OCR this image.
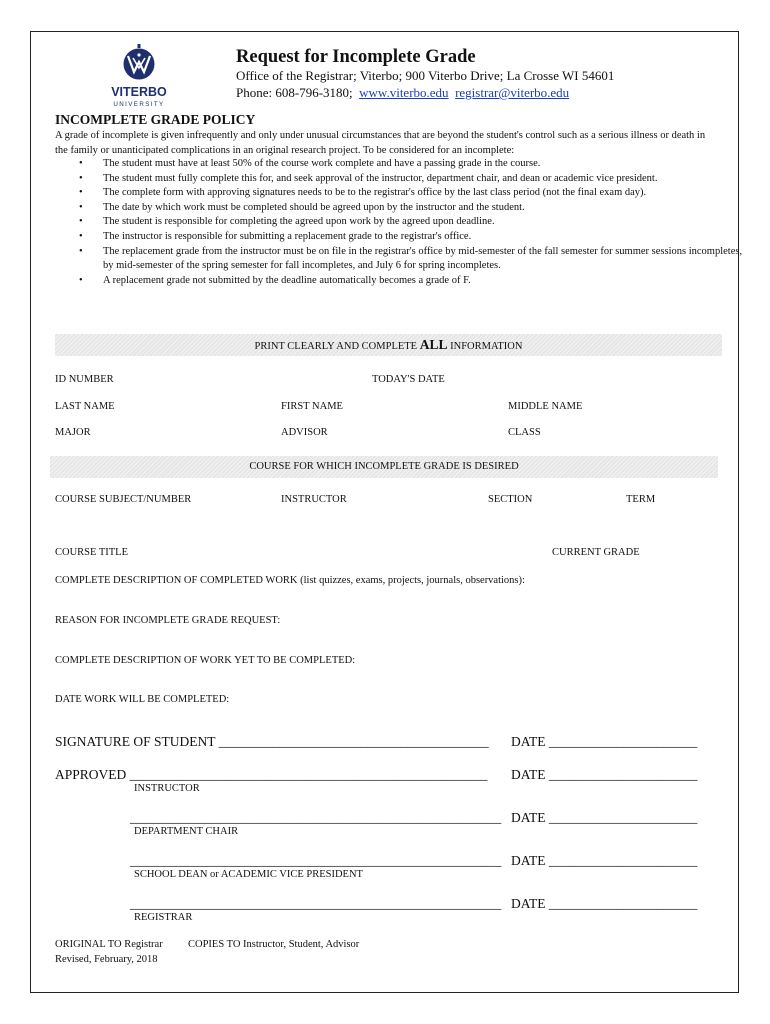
VITERBO
UNIVERSITY
Request for Incomplete Grade
Office of the Registrar; Viterbo; 900 Viterbo Drive; La Crosse WI 54601
Phone: 608-796-3180; www.viterbo.edu registrar@viterbo.edu
INCOMPLETE GRADE POLICY
A grade of incomplete is given infrequently and only under unusual circumstances that are beyond the student's control such as a serious illness or death in the family or unanticipated complications in an original research project. To be considered for an incomplete:
• The student must have at least 50% of the course work complete and have a passing grade in the course.
• The student must fully complete this for, and seek approval of the instructor, department chair, and dean or academic vice president.
• The complete form with approving signatures needs to be to the registrar's office by the last class period (not the final exam day).
• The date by which work must be completed should be agreed upon by the instructor and the student.
• The student is responsible for completing the agreed upon work by the agreed upon deadline.
• The instructor is responsible for submitting a replacement grade to the registrar's office.
• The replacement grade from the instructor must be on file in the registrar's office by mid-semester of the fall semester for summer sessions incompletes, by mid-semester of the spring semester for fall incompletes, and July 6 for spring incompletes.
• A replacement grade not submitted by the deadline automatically becomes a grade of F.
PRINT CLEARLY AND COMPLETE ALL INFORMATION
ID NUMBER	TODAY'S DATE
LAST NAME	FIRST NAME	MIDDLE NAME
MAJOR	ADVISOR	CLASS
COURSE FOR WHICH INCOMPLETE GRADE IS DESIRED
COURSE SUBJECT/NUMBER	INSTRUCTOR	SECTION	TERM
COURSE TITLE	CURRENT GRADE
COMPLETE DESCRIPTION OF COMPLETED WORK (list quizzes, exams, projects, journals, observations):
REASON FOR INCOMPLETE GRADE REQUEST:
COMPLETE DESCRIPTION OF WORK YET TO BE COMPLETED:
DATE WORK WILL BE COMPLETED:
SIGNATURE OF STUDENT ________________________________________ DATE ______________________
APPROVED _____________________________________________________ DATE ______________________
INSTRUCTOR
_______________________________________________________ DATE ______________________
DEPARTMENT CHAIR
_______________________________________________________ DATE ______________________
SCHOOL DEAN or ACADEMIC VICE PRESIDENT
_______________________________________________________ DATE ______________________
REGISTRAR
ORIGINAL TO Registrar COPIES TO Instructor, Student, Advisor
Revised, February, 2018
